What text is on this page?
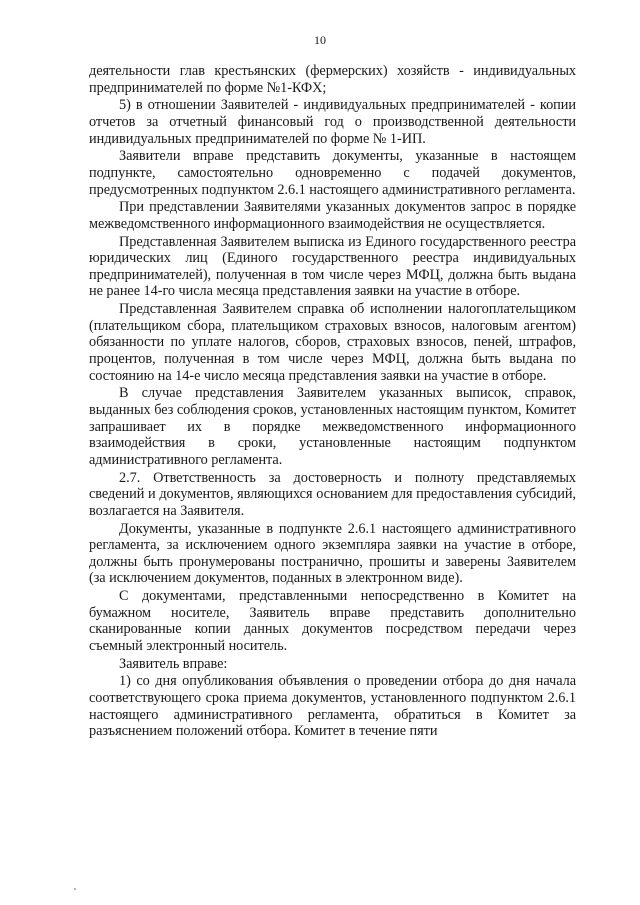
10

деятельности глав крестьянских (фермерских) хозяйств - индивидуальных предпринимателей по форме №1-КФХ;

5) в отношении Заявителей - индивидуальных предпринимателей - копии отчетов за отчетный финансовый год о производственной деятельности индивидуальных предпринимателей по форме № 1-ИП.

Заявители вправе представить документы, указанные в настоящем подпункте, самостоятельно одновременно с подачей документов, предусмотренных подпунктом 2.6.1 настоящего административного регламента.

При представлении Заявителями указанных документов запрос в порядке межведомственного информационного взаимодействия не осуществляется.

Представленная Заявителем выписка из Единого государственного реестра юридических лиц (Единого государственного реестра индивидуальных предпринимателей), полученная в том числе через МФЦ, должна быть выдана не ранее 14-го числа месяца представления заявки на участие в отборе.

Представленная Заявителем справка об исполнении налогоплательщиком (плательщиком сбора, плательщиком страховых взносов, налоговым агентом) обязанности по уплате налогов, сборов, страховых взносов, пеней, штрафов, процентов, полученная в том числе через МФЦ, должна быть выдана по состоянию на 14-е число месяца представления заявки на участие в отборе.

В случае представления Заявителем указанных выписок, справок, выданных без соблюдения сроков, установленных настоящим пунктом, Комитет запрашивает их в порядке межведомственного информационного взаимодействия в сроки, установленные настоящим подпунктом административного регламента.

2.7. Ответственность за достоверность и полноту представляемых сведений и документов, являющихся основанием для предоставления субсидий, возлагается на Заявителя.

Документы, указанные в подпункте 2.6.1 настоящего административного регламента, за исключением одного экземпляра заявки на участие в отборе, должны быть пронумерованы постранично, прошиты и заверены Заявителем (за исключением документов, поданных в электронном виде).

С документами, представленными непосредственно в Комитет на бумажном носителе, Заявитель вправе представить дополнительно сканированные копии данных документов посредством передачи через съемный электронный носитель.

Заявитель вправе:

1) со дня опубликования объявления о проведении отбора до дня начала соответствующего срока приема документов, установленного подпунктом 2.6.1 настоящего административного регламента, обратиться в Комитет за разъяснением положений отбора. Комитет в течение пяти
